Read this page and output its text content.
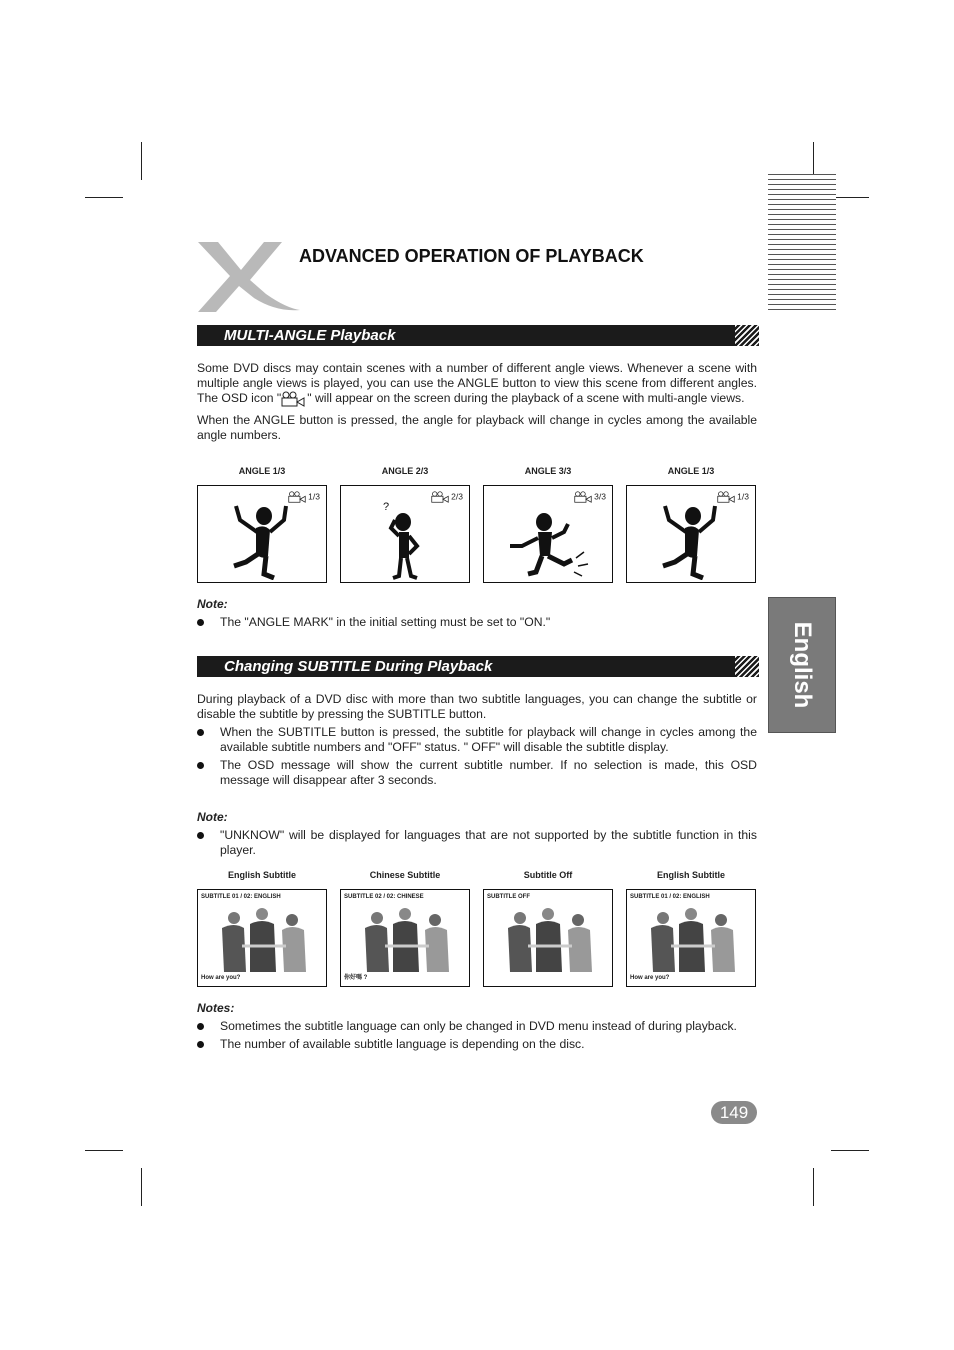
English
ADVANCED OPERATION OF PLAYBACK
MULTI-ANGLE Playback
Some DVD discs may contain scenes with a number of different angle views. Whenever a scene with multiple angle views is played, you can use the ANGLE button to view this scene from different angles. The OSD icon " " will appear on the screen during the playback of a scene with multi-angle views.
When the ANGLE button is pressed, the angle for playback will change in cycles among the available angle numbers.
ANGLE 1/3	ANGLE 2/3	ANGLE 3/3	ANGLE 1/3
1/3	2/3
?
3/3	1/3
Note:
The "ANGLE MARK" in the initial setting must be set to "ON."
Changing SUBTITLE During Playback
During playback of a DVD disc with more than two subtitle languages, you can change the subtitle or disable the subtitle by pressing the SUBTITLE button.
When the SUBTITLE button is pressed, the subtitle for playback will change in cycles among the available subtitle numbers and "OFF" status. " OFF" will disable the subtitle display.
The OSD message will show the current subtitle number. If no selection is made, this OSD message will disappear after 3 seconds.
Note:
"UNKNOW" will be displayed for languages that are not supported by the subtitle function in this player.
English Subtitle	Chinese Subtitle	Subtitle Off	English Subtitle
SUBTITLE 01 / 02: ENGLISH
How are you?
SUBTITLE 02 / 02: CHINESE
你好嗎 ?
SUBTITLE OFF	SUBTITLE 01 / 02: ENGLISH
How are you?
Notes:
Sometimes the subtitle language can only be changed in DVD menu instead of during playback.
The number of available subtitle language is depending on the disc.
149
